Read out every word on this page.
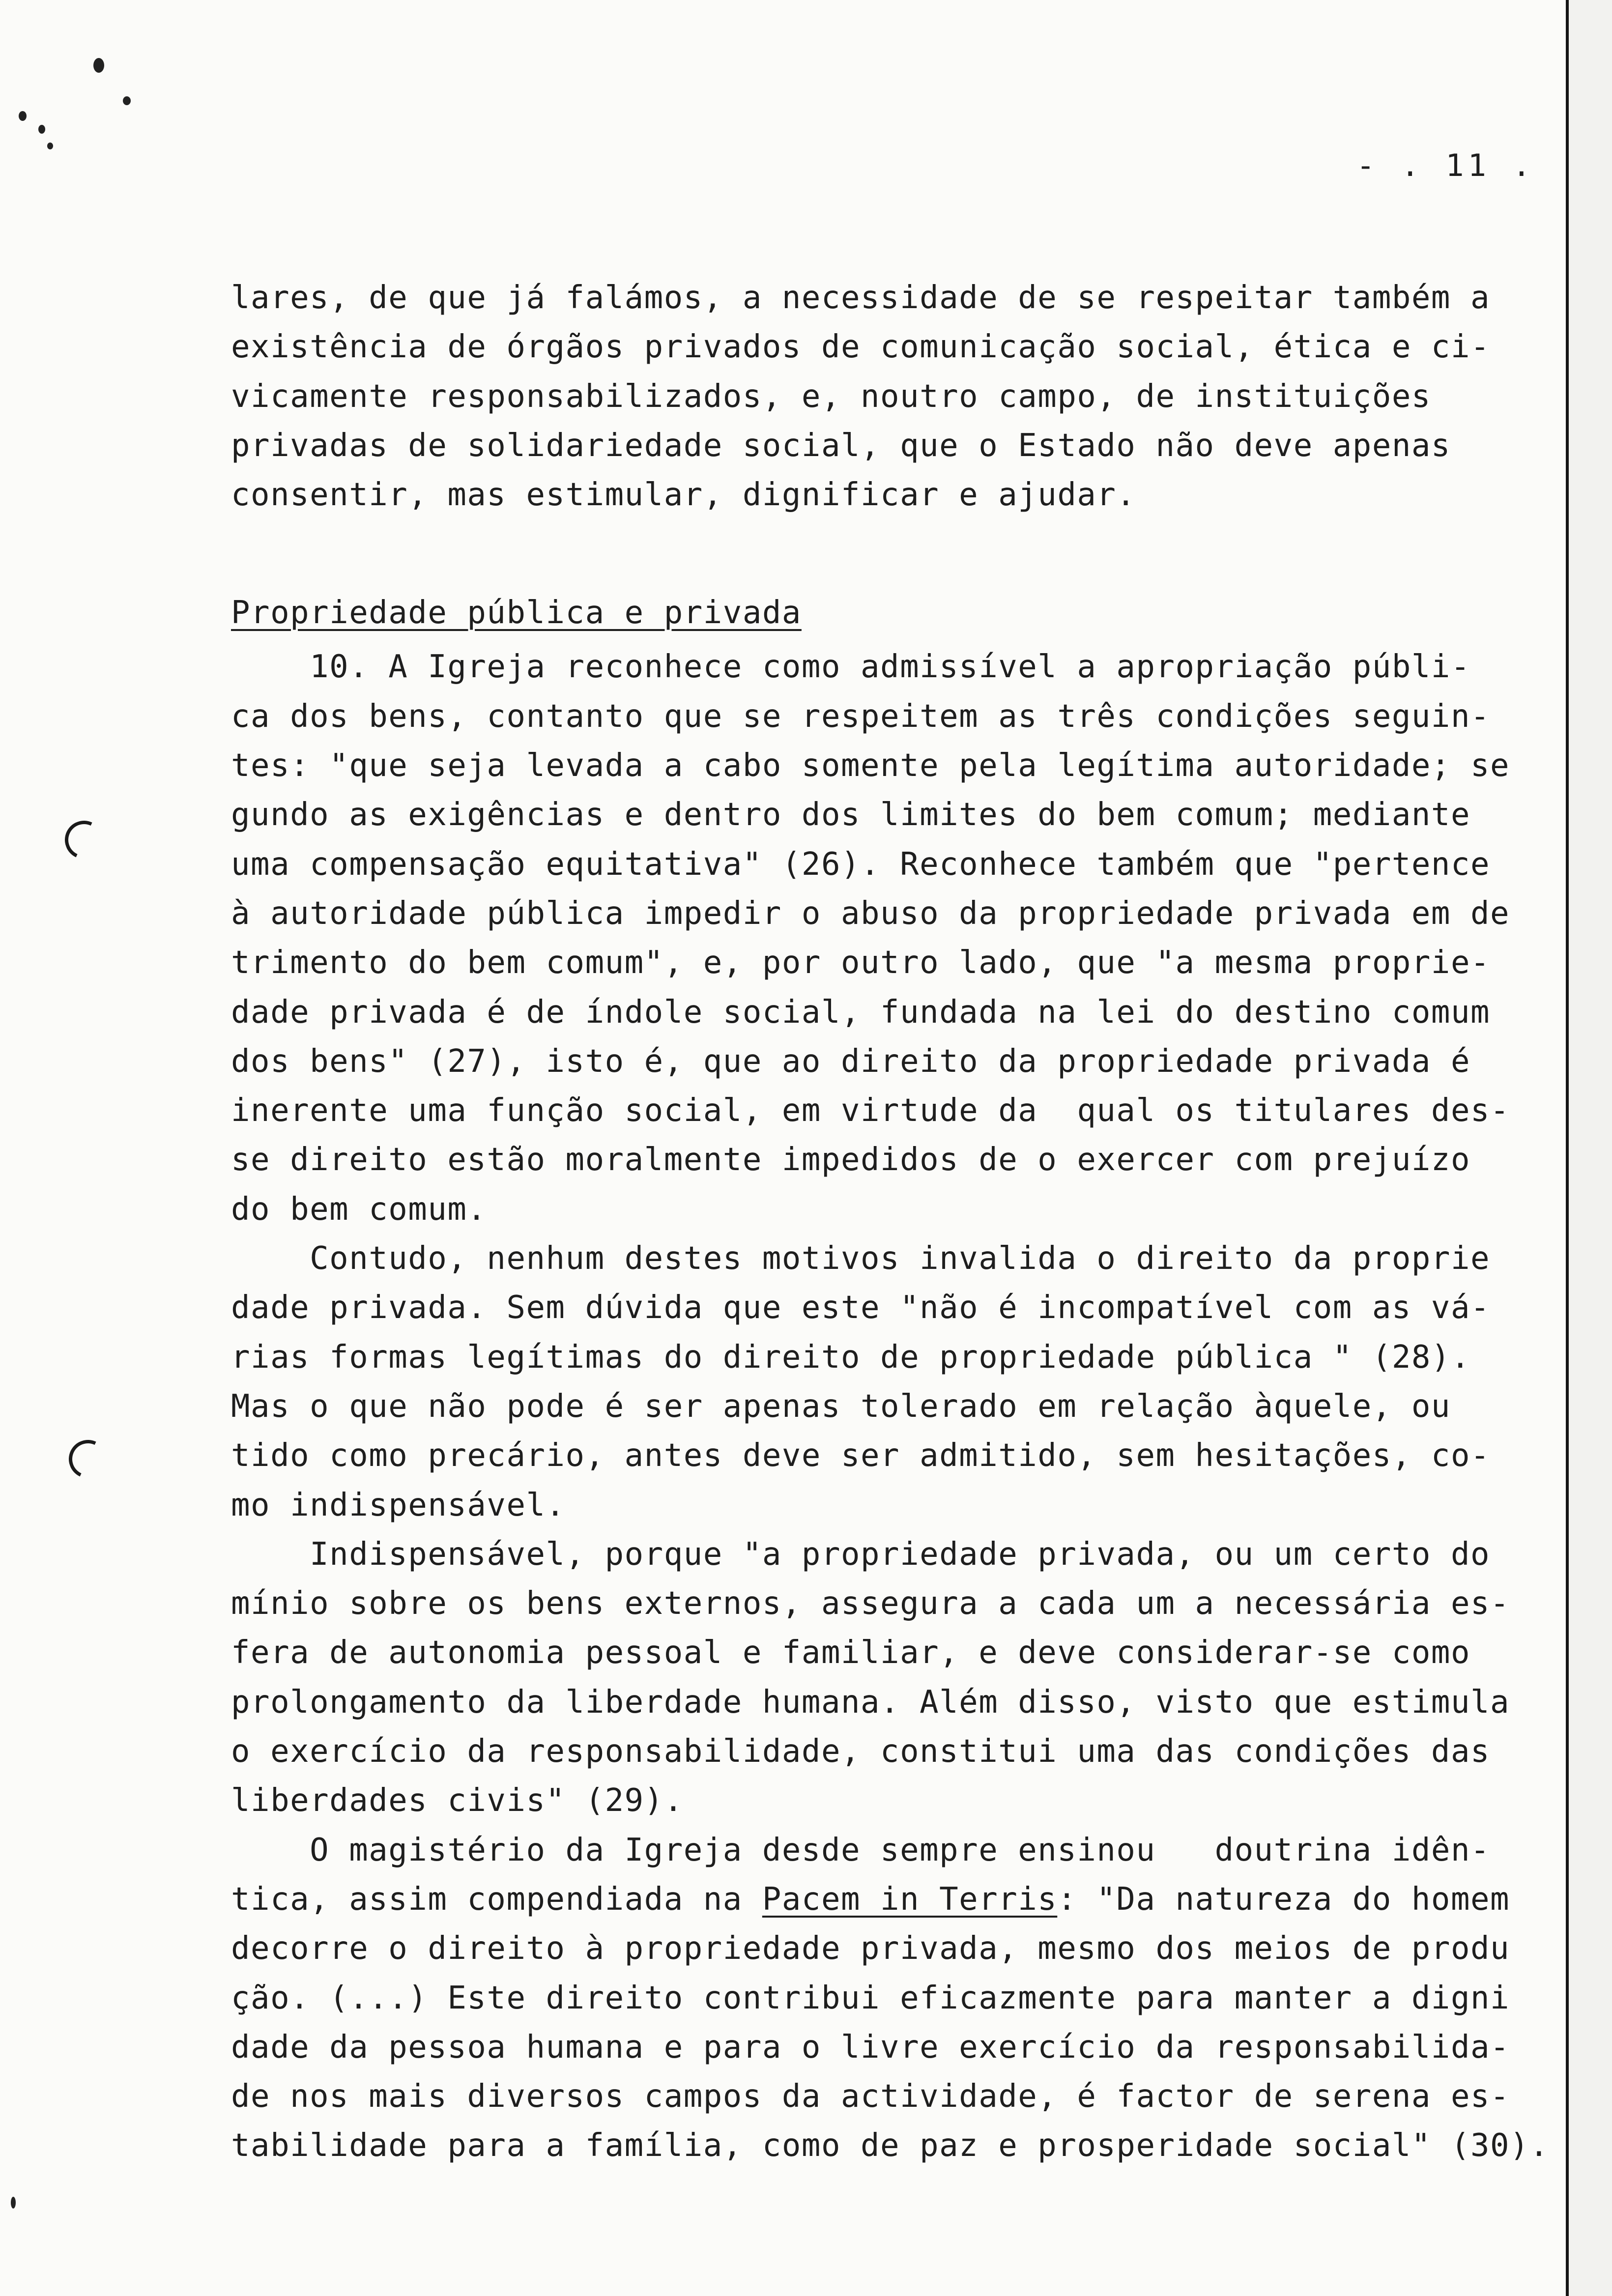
- . 11 .
lares, de que já falámos, a necessidade de se respeitar também a
existência de órgãos privados de comunicação social, ética e ci-
vicamente responsabilizados, e, noutro campo, de instituições
privadas de solidariedade social, que o Estado não deve apenas
consentir, mas estimular, dignificar e ajudar.
Propriedade pública e privada
10. A Igreja reconhece como admissível a apropriação públi-
ca dos bens, contanto que se respeitem as três condições seguin-
tes: "que seja levada a cabo somente pela legítima autoridade; se
gundo as exigências e dentro dos limites do bem comum; mediante
uma compensação equitativa" (26). Reconhece também que "pertence
à autoridade pública impedir o abuso da propriedade privada em de
trimento do bem comum", e, por outro lado, que "a mesma proprie-
dade privada é de índole social, fundada na lei do destino comum
dos bens" (27), isto é, que ao direito da propriedade privada é
inerente uma função social, em virtude da  qual os titulares des-
se direito estão moralmente impedidos de o exercer com prejuízo
do bem comum.
Contudo, nenhum destes motivos invalida o direito da proprie
dade privada. Sem dúvida que este "não é incompatível com as vá-
rias formas legítimas do direito de propriedade pública " (28).
Mas o que não pode é ser apenas tolerado em relação àquele, ou
tido como precário, antes deve ser admitido, sem hesitações, co-
mo indispensável.
Indispensável, porque "a propriedade privada, ou um certo do
mínio sobre os bens externos, assegura a cada um a necessária es-
fera de autonomia pessoal e familiar, e deve considerar-se como
prolongamento da liberdade humana. Além disso, visto que estimula
o exercício da responsabilidade, constitui uma das condições das
liberdades civis" (29).
O magistério da Igreja desde sempre ensinou   doutrina idên-
tica, assim compendiada na Pacem in Terris: "Da natureza do homem
decorre o direito à propriedade privada, mesmo dos meios de produ
ção. (...) Este direito contribui eficazmente para manter a digni
dade da pessoa humana e para o livre exercício da responsabilida-
de nos mais diversos campos da actividade, é factor de serena es-
tabilidade para a família, como de paz e prosperidade social" (30).
